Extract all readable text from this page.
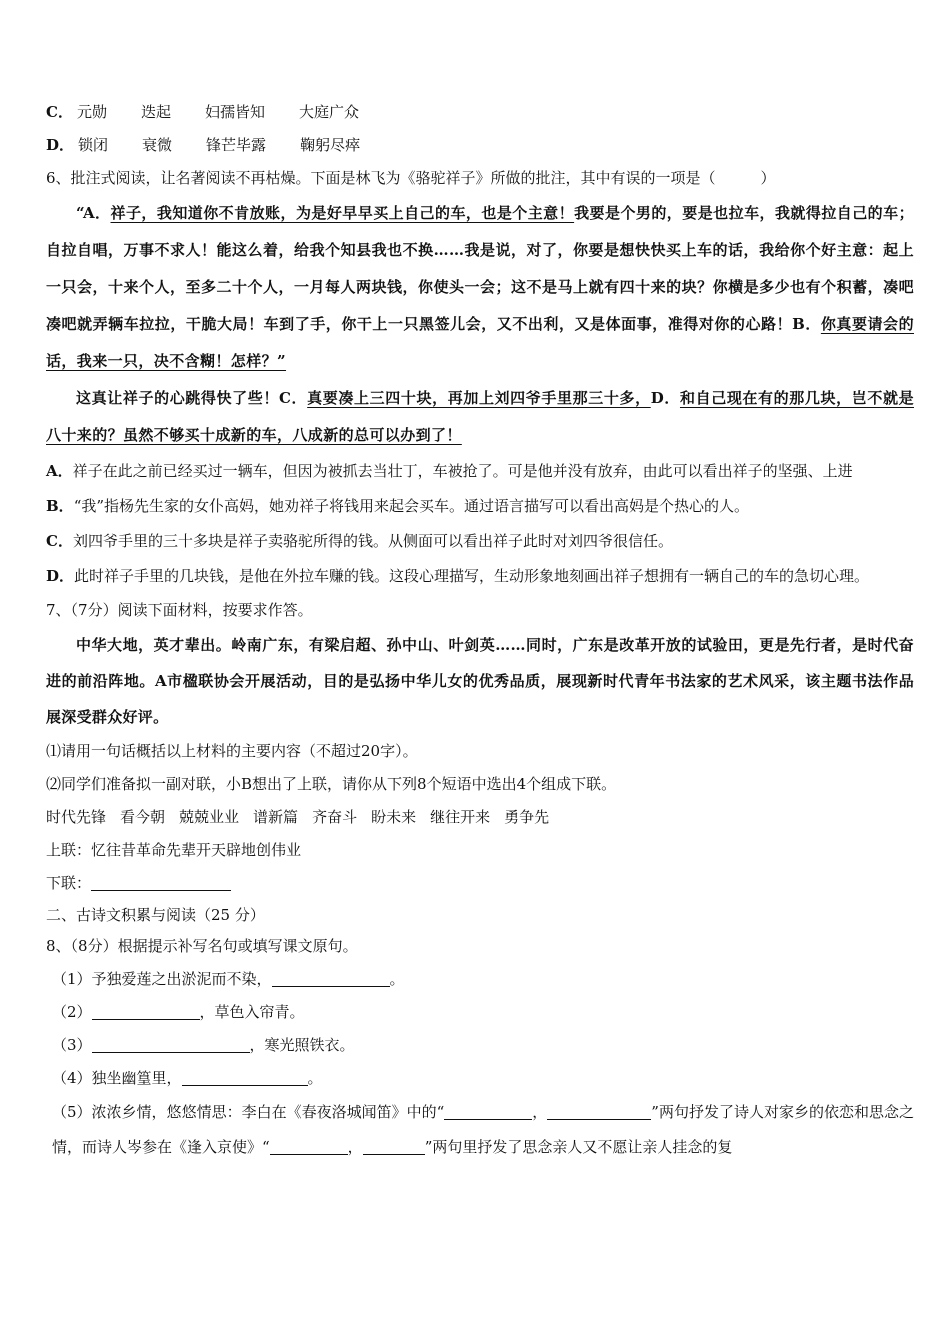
C． 元勋 迭起 妇孺皆知 大庭广众
D． 锁闭 衰微 锋芒毕露 鞠躬尽瘁
6、批注式阅读，让名著阅读不再枯燥。下面是林飞为《骆驼祥子》所做的批注，其中有误的一项是（　　　）
“A．祥子，我知道你不肯放账，为是好早早买上自己的车，也是个主意！我要是个男的，要是也拉车，我就得拉自己的车；自拉自唱，万事不求人！能这么着，给我个知县我也不换……我是说，对了，你要是想快快买上车的话，我给你个好主意：起上一只会，十来个人，至多二十个人，一月每人两块钱，你使头一会；这不是马上就有四十来的块？你横是多少也有个积蓄，凑吧凑吧就弄辆车拉拉，干脆大局！车到了手，你干上一只黑签儿会，又不出利，又是体面事，准得对你的心路！B．你真要请会的话，我来一只，决不含糊！怎样？”
这真让祥子的心跳得快了些！C．真要凑上三四十块，再加上刘四爷手里那三十多，D．和自己现在有的那几块，岂不就是八十来的？虽然不够买十成新的车，八成新的总可以办到了！
A．祥子在此之前已经买过一辆车，但因为被抓去当壮丁，车被抢了。可是他并没有放弃，由此可以看出祥子的坚强、上进
B．“我”指杨先生家的女仆高妈，她劝祥子将钱用来起会买车。通过语言描写可以看出高妈是个热心的人。
C．刘四爷手里的三十多块是祥子卖骆驼所得的钱。从侧面可以看出祥子此时对刘四爷很信任。
D．此时祥子手里的几块钱，是他在外拉车赚的钱。这段心理描写，生动形象地刻画出祥子想拥有一辆自己的车的急切心理。
7、（7分）阅读下面材料，按要求作答。
中华大地，英才辈出。岭南广东，有梁启超、孙中山、叶剑英……同时，广东是改革开放的试验田，更是先行者，是时代奋进的前沿阵地。A市楹联协会开展活动，目的是弘扬中华儿女的优秀品质，展现新时代青年书法家的艺术风采，该主题书法作品展深受群众好评。
⑴请用一句话概括以上材料的主要内容（不超过20字）。
⑵同学们准备拟一副对联，小B想出了上联，请你从下列8个短语中选出4个组成下联。
时代先锋 看今朝 兢兢业业 谱新篇 齐奋斗 盼未来 继往开来 勇争先
上联：忆往昔革命先辈开天辟地创伟业
下联：
二、古诗文积累与阅读（25 分）
8、（8分）根据提示补写名句或填写课文原句。
（1）予独爱莲之出淤泥而不染，	。
（2）	，草色入帘青。
（3）	，寒光照铁衣。
（4）独坐幽篁里，	。
（5）浓浓乡情，悠悠情思：李白在《春夜洛城闻笛》中的“	，	”两句抒发了诗人对家乡的依恋和思念之情，而诗人岑参在《逢入京使》“	，	”两句里抒发了思念亲人又不愿让亲人挂念的复
